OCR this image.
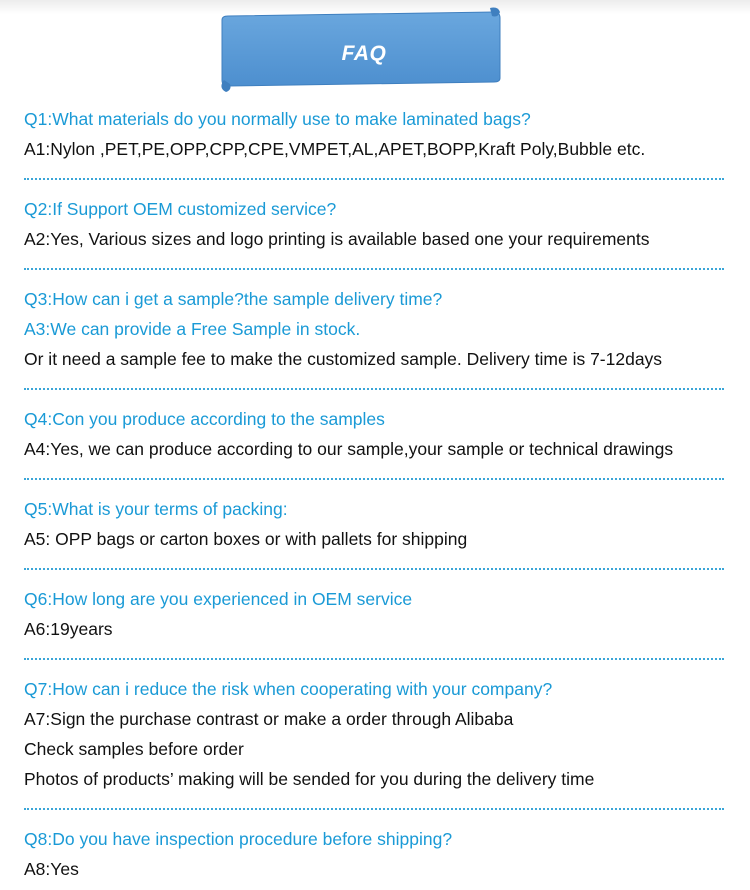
FAQ
Q1:What materials do you normally use to make laminated bags?
A1:Nylon ,PET,PE,OPP,CPP,CPE,VMPET,AL,APET,BOPP,Kraft Poly,Bubble etc.
Q2:If Support OEM customized service?
A2:Yes, Various sizes and logo printing is available based one your requirements
Q3:How can i get a sample?the sample delivery time?
A3:We can provide a Free Sample in stock.
Or it need a sample fee to make the customized sample. Delivery time is 7-12days
Q4:Con you produce according to the samples
A4:Yes, we can produce according to our sample,your sample or technical drawings
Q5:What is your terms of packing:
A5: OPP bags or carton boxes or with pallets for shipping
Q6:How long are you experienced in OEM service
A6:19years
Q7:How can i reduce the risk when cooperating with your company?
A7:Sign the purchase contrast or make a order through Alibaba
Check samples before order
Photos of products’ making will be sended for you during the delivery time
Q8:Do you have inspection procedure before shipping?
A8:Yes
